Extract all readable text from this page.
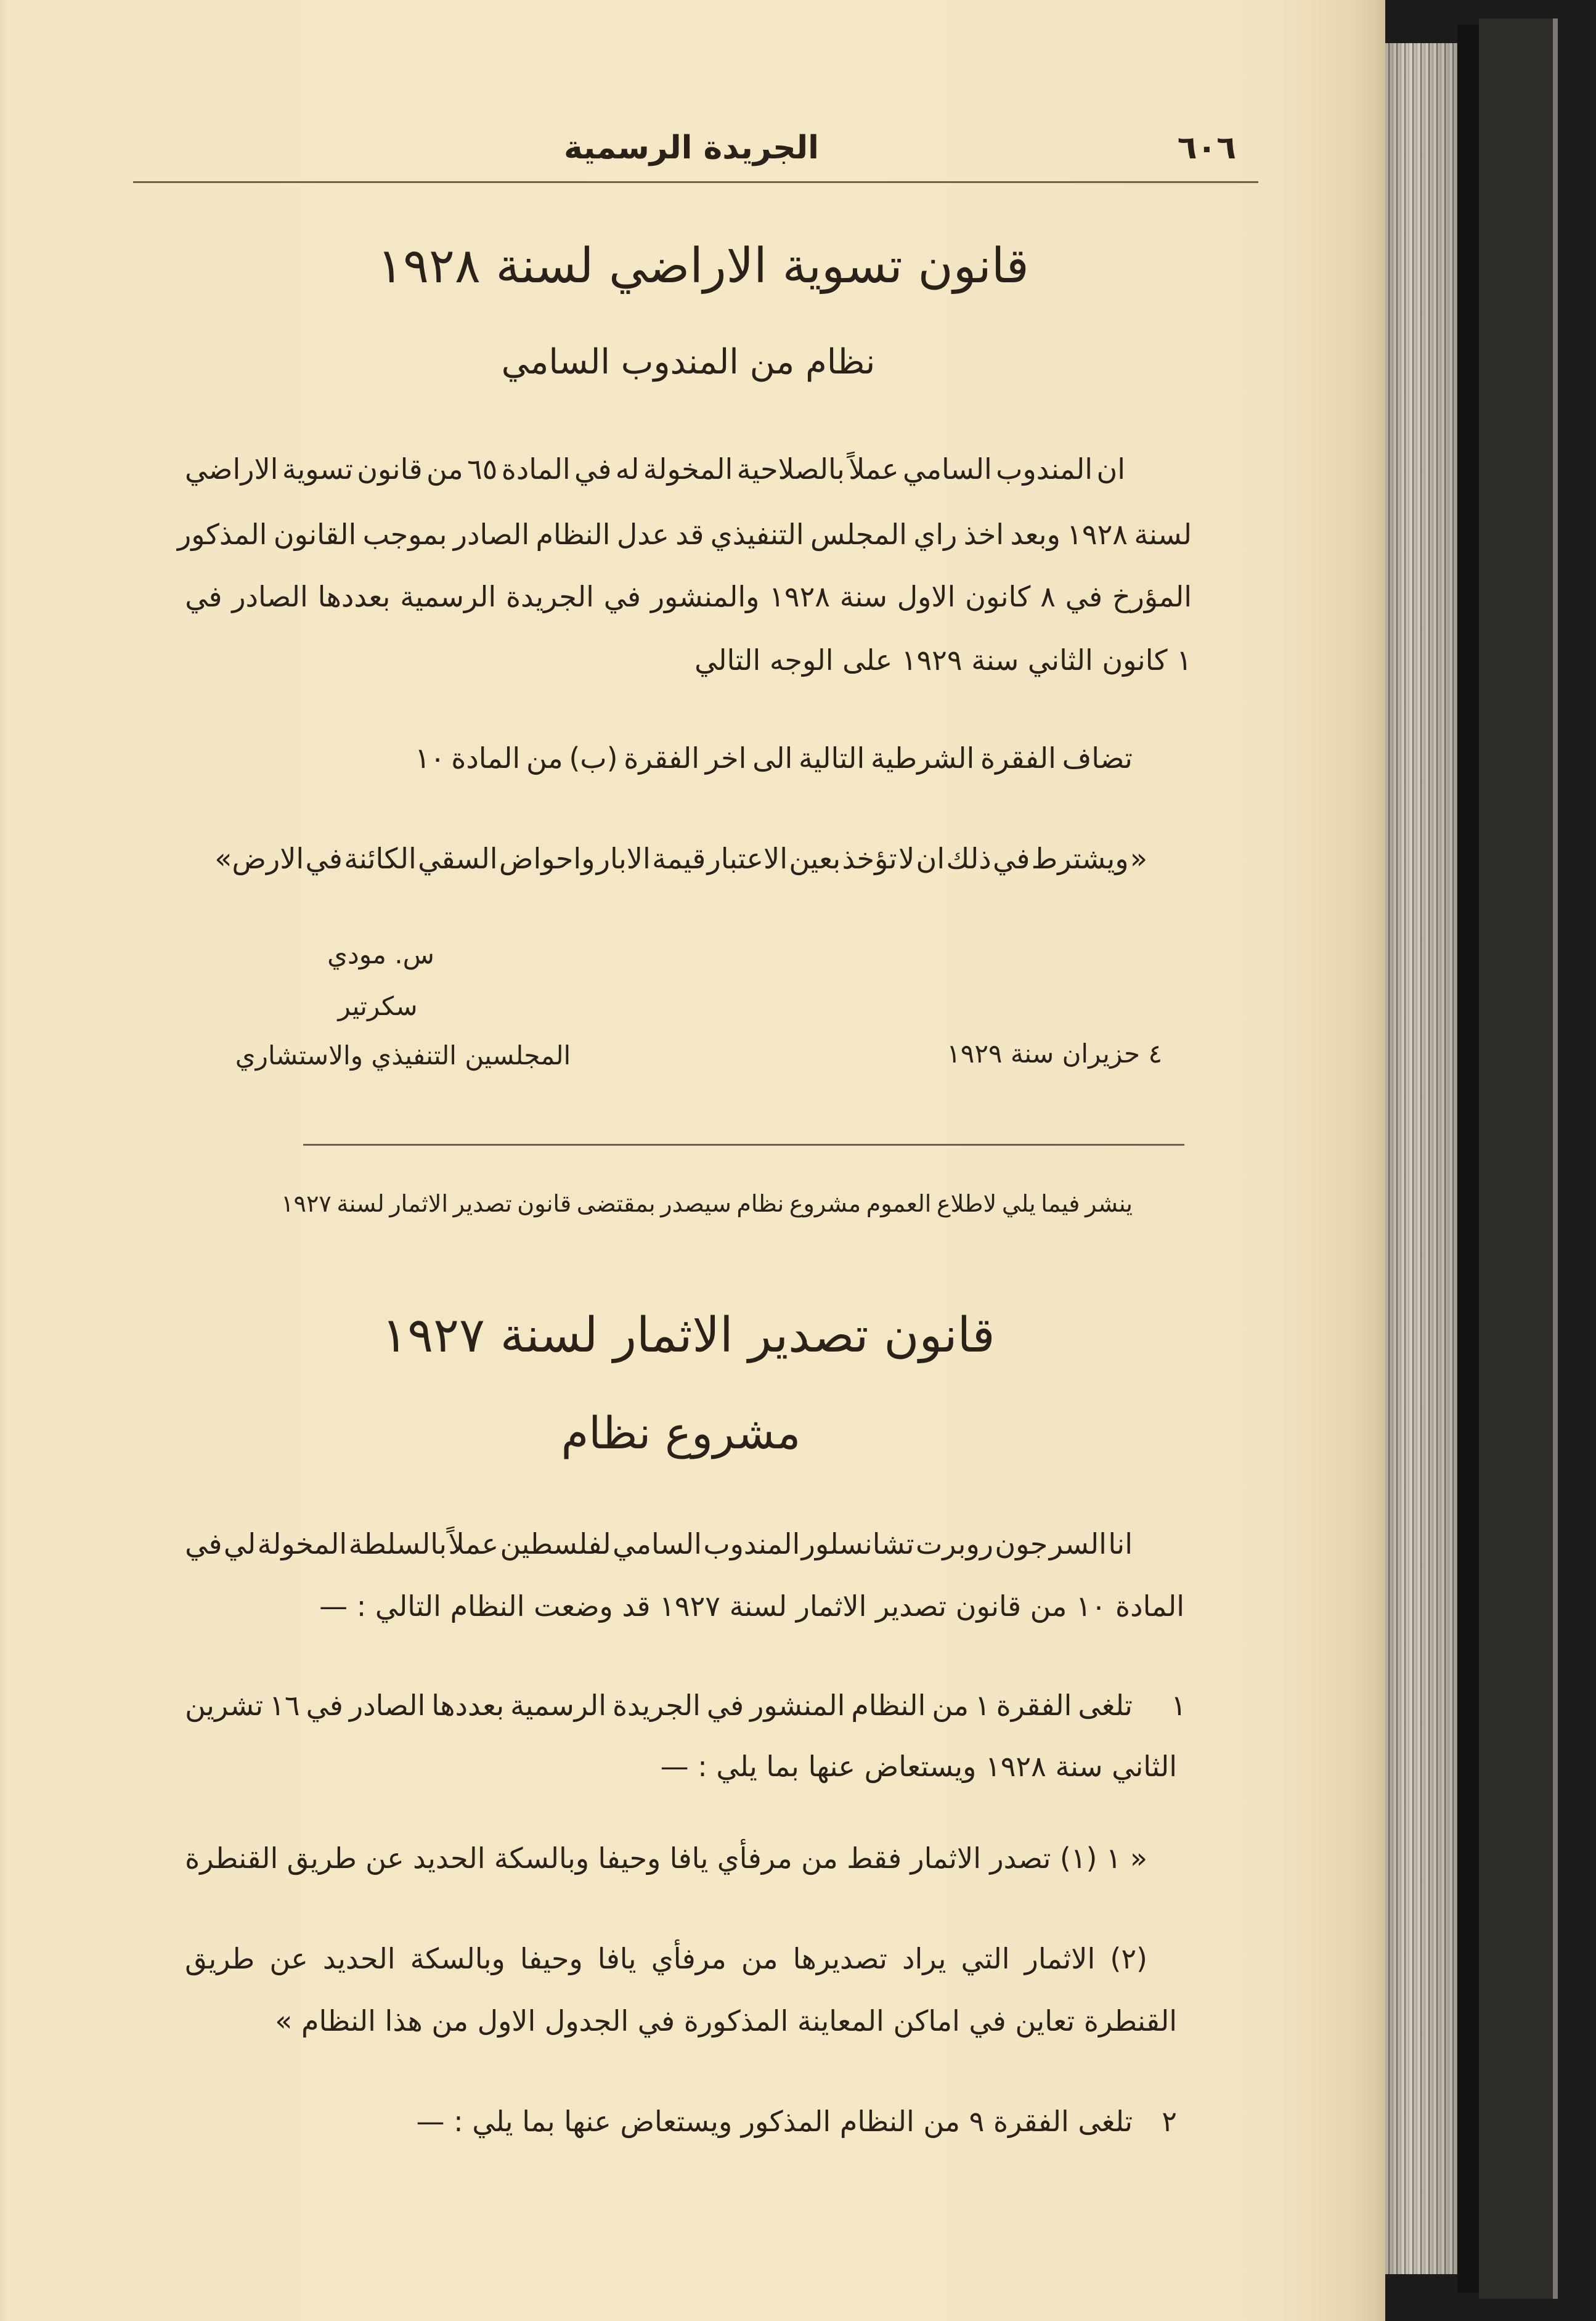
الجريدة الرسمية	٦٠٦
قانون تسوية الاراضي لسنة ١٩٢٨
نظام من المندوب السامي
ان
المندوب
السامي
عملاً
بالصلاحية
المخولة
له
في
المادة
٦٥
من
قانون
تسوية
الاراضي
لسنة
١٩٢٨
وبعد
اخذ
راي
المجلس
التنفيذي
قد
عدل
النظام
الصادر
بموجب
القانون
المذكور
المؤرخ
في
٨
كانون
الاول
سنة
١٩٢٨
والمنشور
في
الجريدة
الرسمية
بعددها
الصادر
في
١ كانون الثاني سنة ١٩٢٩ على الوجه التالي
تضاف
الفقرة
الشرطية
التالية
الى
اخر
الفقرة
(ب)
من
المادة
١٠
«
ويشترط
في
ذلك
ان
لا
تؤخذ
بعين
الاعتبار
قيمة
الابار
واحواض
السقي
الكائنة
في
الارض»
س. مودي
سكرتير
المجلسين التنفيذي والاستشاري	٤ حزيران سنة ١٩٢٩
ينشر
فيما
يلي
لاطلاع
العموم
مشروع
نظام
سيصدر
بمقتضى
قانون
تصدير
الاثمار
لسنة
١٩٢٧
قانون تصدير الاثمار لسنة ١٩٢٧
مشروع نظام
انا
السر
جون
روبرت
تشانسلور
المندوب
السامي
لفلسطين
عملاً
بالسلطة
المخولة
لي
في
المادة ١٠ من قانون تصدير الاثمار لسنة ١٩٢٧ قد وضعت النظام التالي : —
١
تلغى
الفقرة
١
من
النظام
المنشور
في
الجريدة
الرسمية
بعددها
الصادر
في
١٦
تشرين
الثاني سنة ١٩٢٨ ويستعاض عنها بما يلي : —
«
١
(١)
تصدر
الاثمار
فقط
من
مرفأي
يافا
وحيفا
وبالسكة
الحديد
عن
طريق
القنطرة
(٢)
الاثمار
التي
يراد
تصديرها
من
مرفأي
يافا
وحيفا
وبالسكة
الحديد
عن
طريق
القنطرة تعاين في اماكن المعاينة المذكورة في الجدول الاول من هذا النظام »
٢
تلغى الفقرة ٩ من النظام المذكور ويستعاض عنها بما يلي : —
